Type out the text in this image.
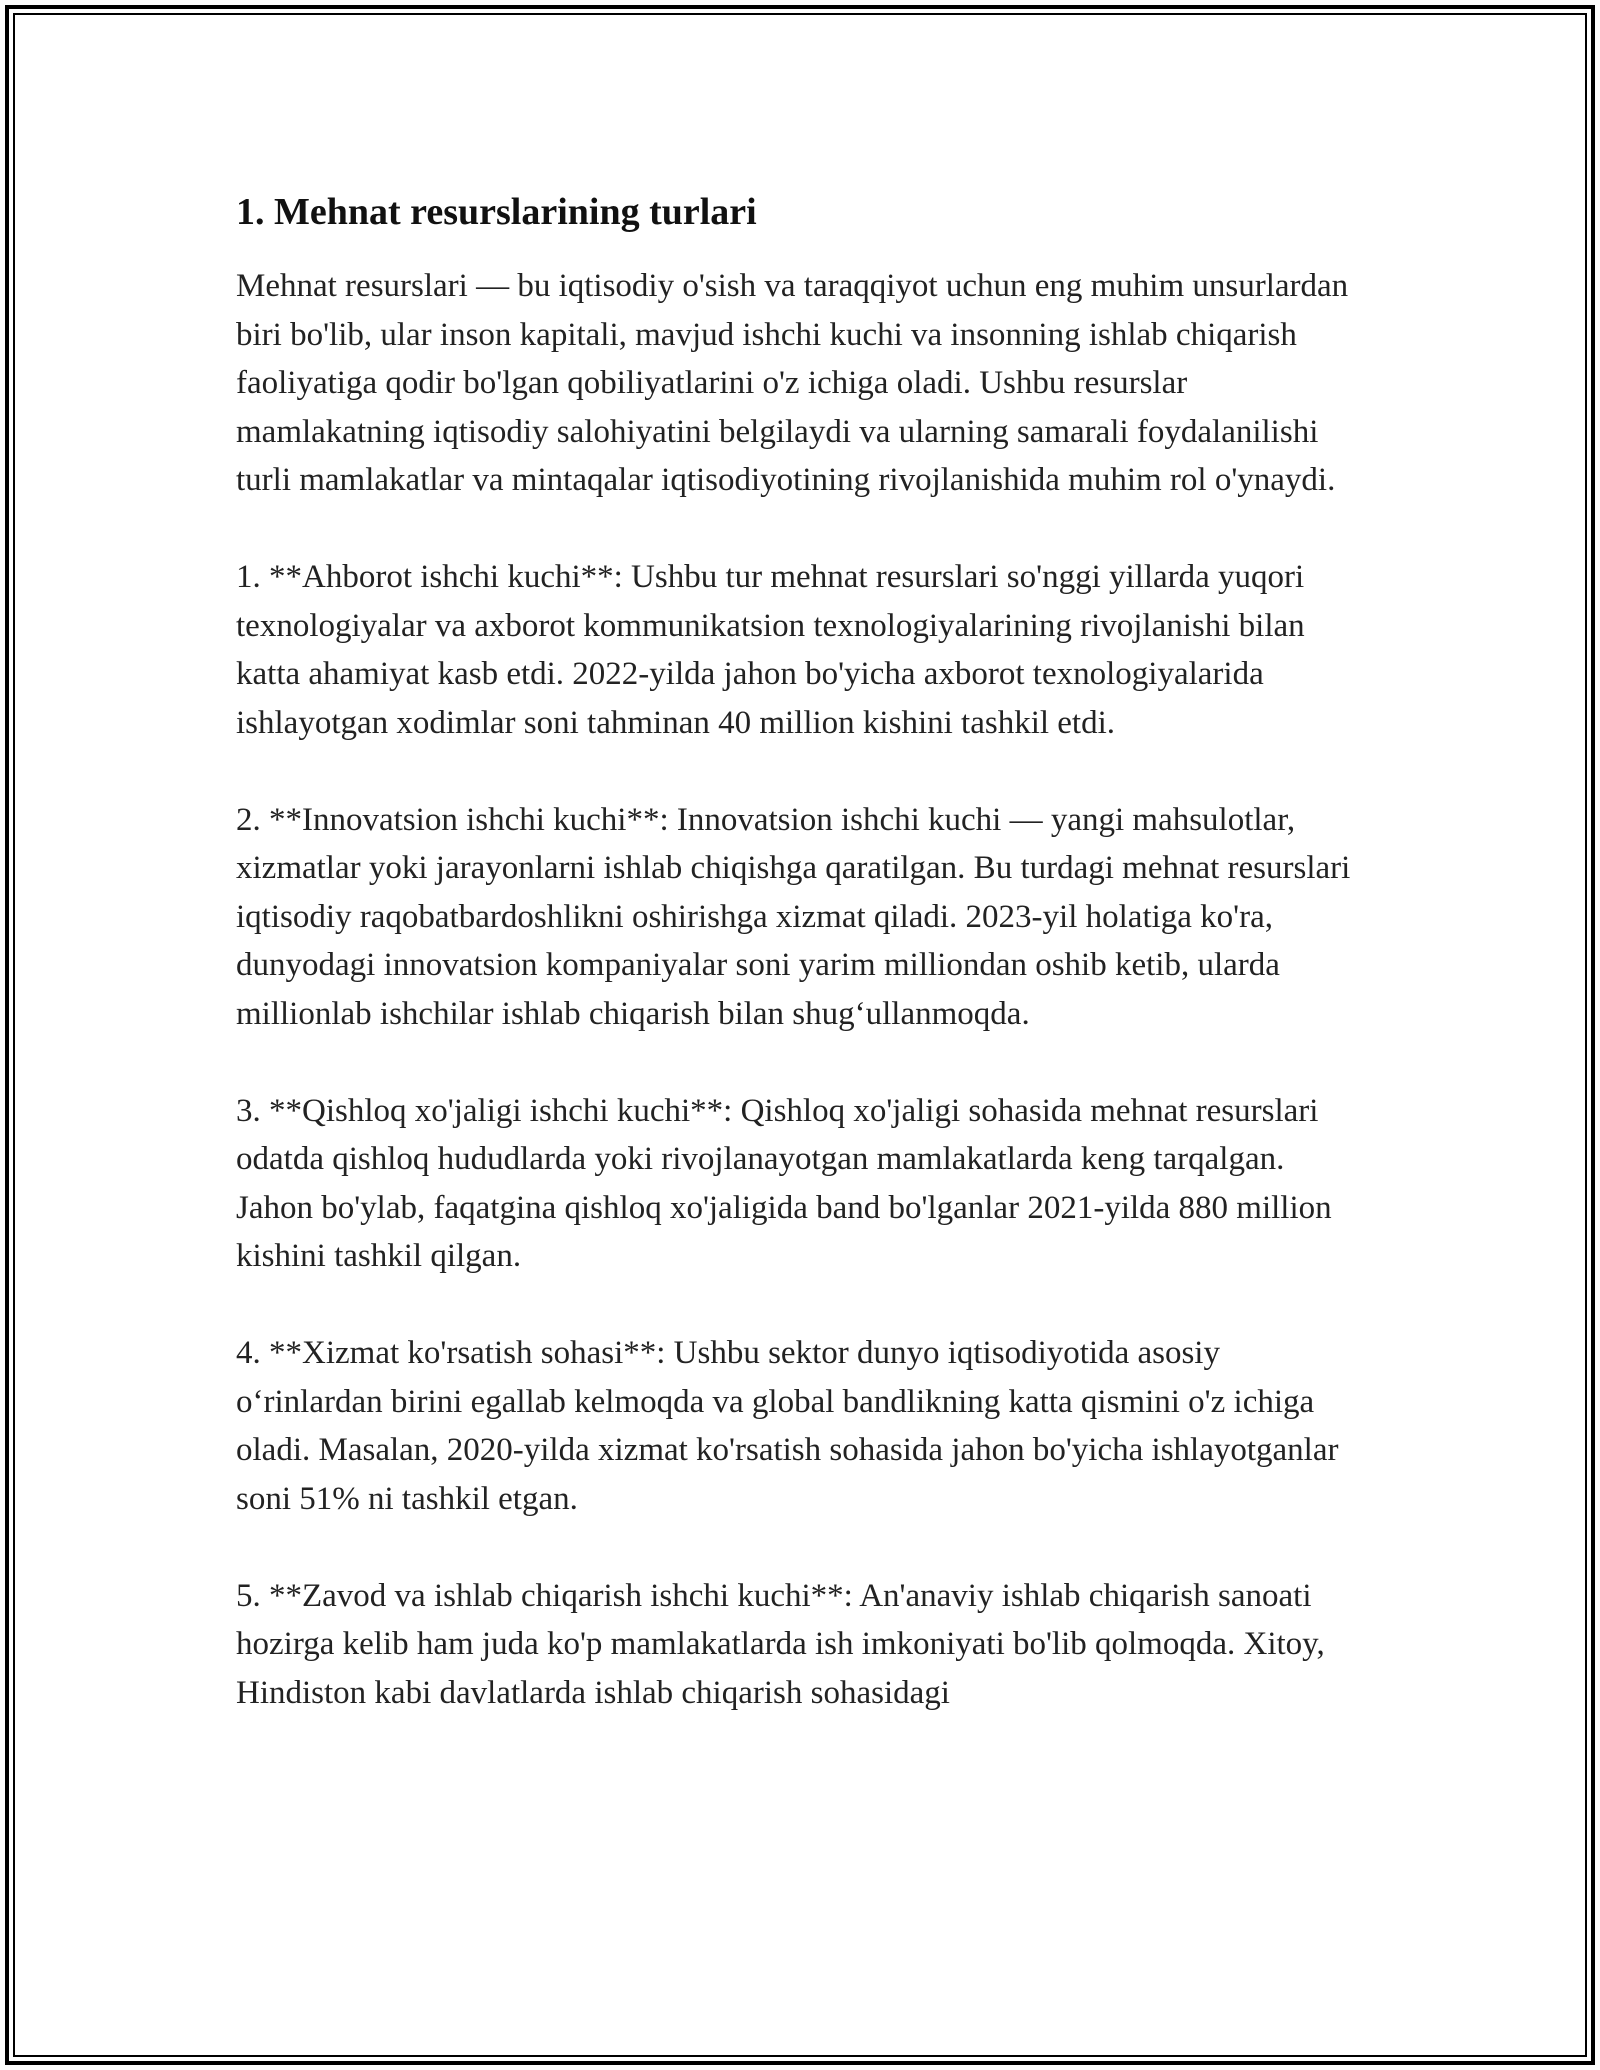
1. Mehnat resurslarining turlari

Mehnat resurslari — bu iqtisodiy o'sish va taraqqiyot uchun eng muhim unsurlardan biri bo'lib, ular inson kapitali, mavjud ishchi kuchi va insonning ishlab chiqarish faoliyatiga qodir bo'lgan qobiliyatlarini o'z ichiga oladi. Ushbu resurslar mamlakatning iqtisodiy salohiyatini belgilaydi va ularning samarali foydalanilishi turli mamlakatlar va mintaqalar iqtisodiyotining rivojlanishida muhim rol o'ynaydi.

1. **Ahborot ishchi kuchi**: Ushbu tur mehnat resurslari so'nggi yillarda yuqori texnologiyalar va axborot kommunikatsion texnologiyalarining rivojlanishi bilan katta ahamiyat kasb etdi. 2022-yilda jahon bo'yicha axborot texnologiyalarida ishlayotgan xodimlar soni tahminan 40 million kishini tashkil etdi.

2. **Innovatsion ishchi kuchi**: Innovatsion ishchi kuchi — yangi mahsulotlar, xizmatlar yoki jarayonlarni ishlab chiqishga qaratilgan. Bu turdagi mehnat resurslari iqtisodiy raqobatbardoshlikni oshirishga xizmat qiladi. 2023-yil holatiga ko'ra, dunyodagi innovatsion kompaniyalar soni yarim milliondan oshib ketib, ularda millionlab ishchilar ishlab chiqarish bilan shug‘ullanmoqda.

3. **Qishloq xo'jaligi ishchi kuchi**: Qishloq xo'jaligi sohasida mehnat resurslari odatda qishloq hududlarda yoki rivojlanayotgan mamlakatlarda keng tarqalgan. Jahon bo'ylab, faqatgina qishloq xo'jaligida band bo'lganlar 2021-yilda 880 million kishini tashkil qilgan.

4. **Xizmat ko'rsatish sohasi**: Ushbu sektor dunyo iqtisodiyotida asosiy o‘rinlardan birini egallab kelmoqda va global bandlikning katta qismini o'z ichiga oladi. Masalan, 2020-yilda xizmat ko'rsatish sohasida jahon bo'yicha ishlayotganlar soni 51% ni tashkil etgan.

5. **Zavod va ishlab chiqarish ishchi kuchi**: An'anaviy ishlab chiqarish sanoati hozirga kelib ham juda ko'p mamlakatlarda ish imkoniyati bo'lib qolmoqda. Xitoy, Hindiston kabi davlatlarda ishlab chiqarish sohasidagi
